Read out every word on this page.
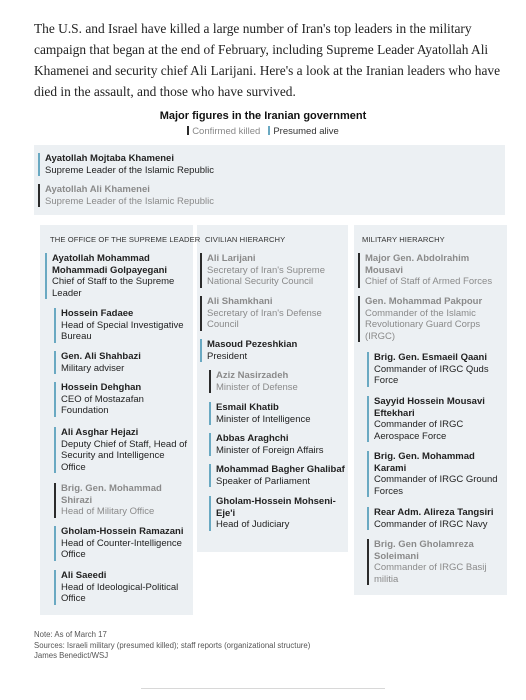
The U.S. and Israel have killed a large number of Iran's top leaders in the military campaign that began at the end of February, including Supreme Leader Ayatollah Ali Khamenei and security chief Ali Larijani. Here's a look at the Iranian leaders who have died in the assault, and those who have survived.

Major figures in the Iranian government
Confirmed killed Presumed alive
Ayatollah Mojtaba Khamenei
Supreme Leader of the Islamic Republic
Ayatollah Ali Khamenei
Supreme Leader of the Islamic Republic
THE OFFICE OF THE SUPREME LEADER CIVILIAN HIERARCHY	MILITARY HIERARCHY
Ayatollah Mohammad Mohammadi Golpayegani
Chief of Staff to the Supreme Leader
Hossein Fadaee
Head of Special Investigative Bureau
Gen. Ali Shahbazi
Military adviser
Hossein Dehghan
CEO of Mostazafan Foundation
Ali Asghar Hejazi
Deputy Chief of Staff, Head of Security and Intelligence Office
Brig. Gen. Mohammad Shirazi
Head of Military Office
Gholam-Hossein Ramazani
Head of Counter-Intelligence Office
Ali Saeedi
Head of Ideological-Political Office
Ali Larijani
Secretary of Iran's Supreme National Security Council
Ali Shamkhani
Secretary of Iran's Defense Council
Masoud Pezeshkian
President
Aziz Nasirzadeh
Minister of Defense
Esmail Khatib
Minister of Intelligence
Abbas Araghchi
Minister of Foreign Affairs
Mohammad Bagher Ghalibaf
Speaker of Parliament
Gholam-Hossein Mohseni-Eje'i
Head of Judiciary
Major Gen. Abdolrahim Mousavi
Chief of Staff of Armed Forces
Gen. Mohammad Pakpour
Commander of the Islamic Revolutionary Guard Corps (IRGC)
Brig. Gen. Esmaeil Qaani
Commander of IRGC Quds Force
Sayyid Hossein Mousavi Eftekhari
Commander of IRGC Aerospace Force
Brig. Gen. Mohammad Karami
Commander of IRGC Ground Forces
Rear Adm. Alireza Tangsiri
Commander of IRGC Navy
Brig. Gen Gholamreza Soleimani
Commander of IRGC Basij militia
Note: As of March 17
Sources: Israeli military (presumed killed); staff reports (organizational structure)
James Benedict/WSJ
